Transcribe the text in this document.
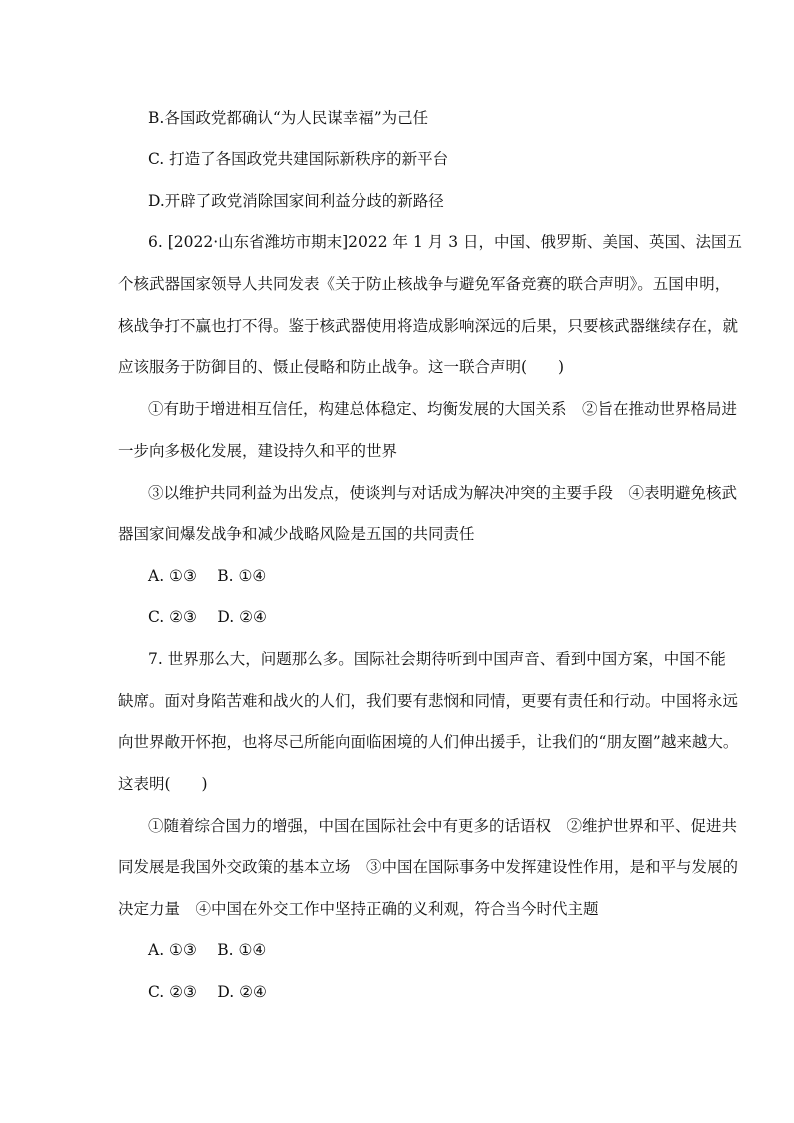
B.各国政党都确认“为人民谋幸福”为己任
C. 打造了各国政党共建国际新秩序的新平台
D.开辟了政党消除国家间利益分歧的新路径
6. [2022·山东省潍坊市期末]2022 年 1 月 3 日，中国、俄罗斯、美国、英国、法国五
个核武器国家领导人共同发表《关于防止核战争与避免军备竞赛的联合声明》。五国申明，
核战争打不赢也打不得。鉴于核武器使用将造成影响深远的后果，只要核武器继续存在，就
应该服务于防御目的、慑止侵略和防止战争。这一联合声明(　　)
①有助于增进相互信任，构建总体稳定、均衡发展的大国关系　②旨在推动世界格局进
一步向多极化发展，建设持久和平的世界
③以维护共同利益为出发点，使谈判与对话成为解决冲突的主要手段　④表明避免核武
器国家间爆发战争和减少战略风险是五国的共同责任
A. ①③　 B. ①④
C. ②③　 D. ②④
7. 世界那么大，问题那么多。国际社会期待听到中国声音、看到中国方案，中国不能
缺席。面对身陷苦难和战火的人们，我们要有悲悯和同情，更要有责任和行动。中国将永远
向世界敞开怀抱，也将尽己所能向面临困境的人们伸出援手，让我们的“朋友圈”越来越大。
这表明(　　)
①随着综合国力的增强，中国在国际社会中有更多的话语权　②维护世界和平、促进共
同发展是我国外交政策的基本立场　③中国在国际事务中发挥建设性作用，是和平与发展的
决定力量　④中国在外交工作中坚持正确的义利观，符合当今时代主题
A. ①③　 B. ①④
C. ②③　 D. ②④
